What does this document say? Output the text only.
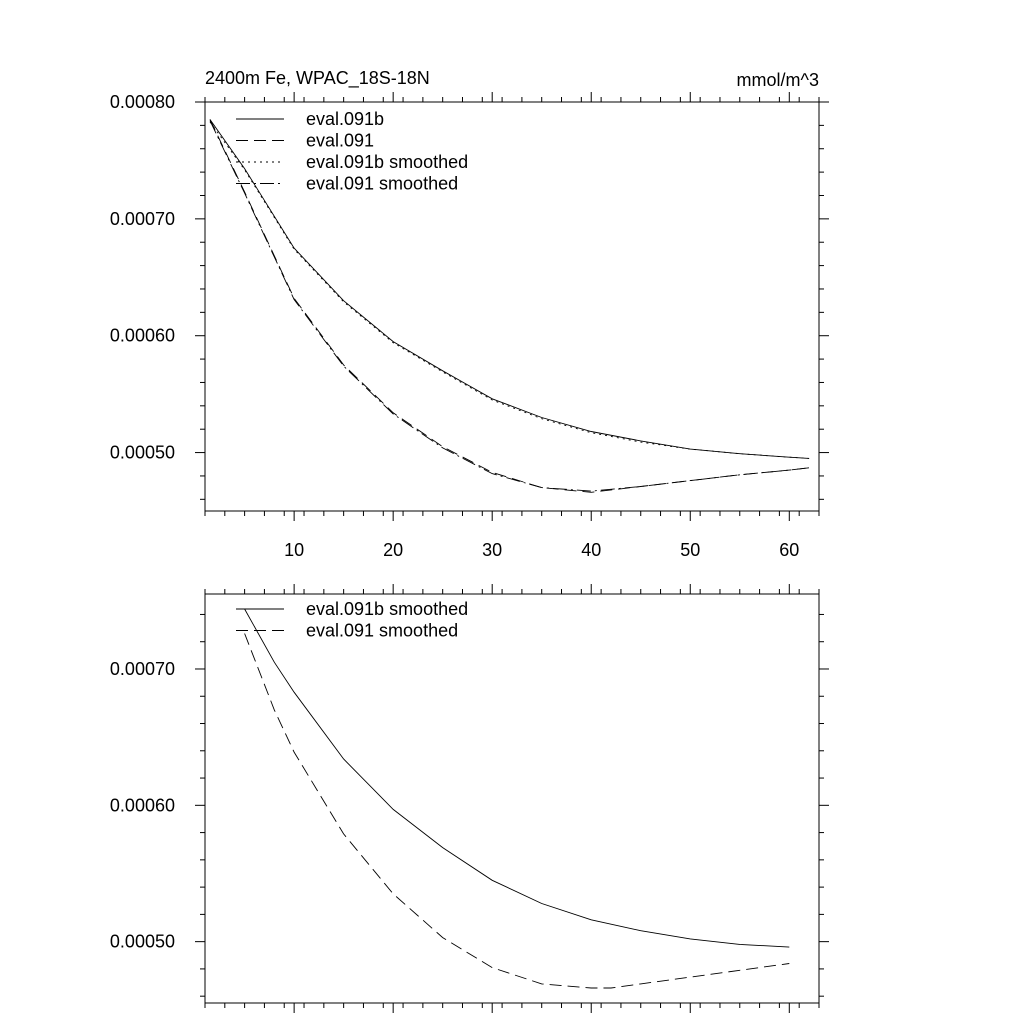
2400m Fe, WPAC_18S-18N	mmol/m^3
10	20	30	40	50	60
0.00050
0.00060
0.00070
0.00080
eval.091b
eval.091
eval.091b smoothed
eval.091 smoothed
0.00050
0.00060
0.00070
eval.091b smoothed
eval.091 smoothed
